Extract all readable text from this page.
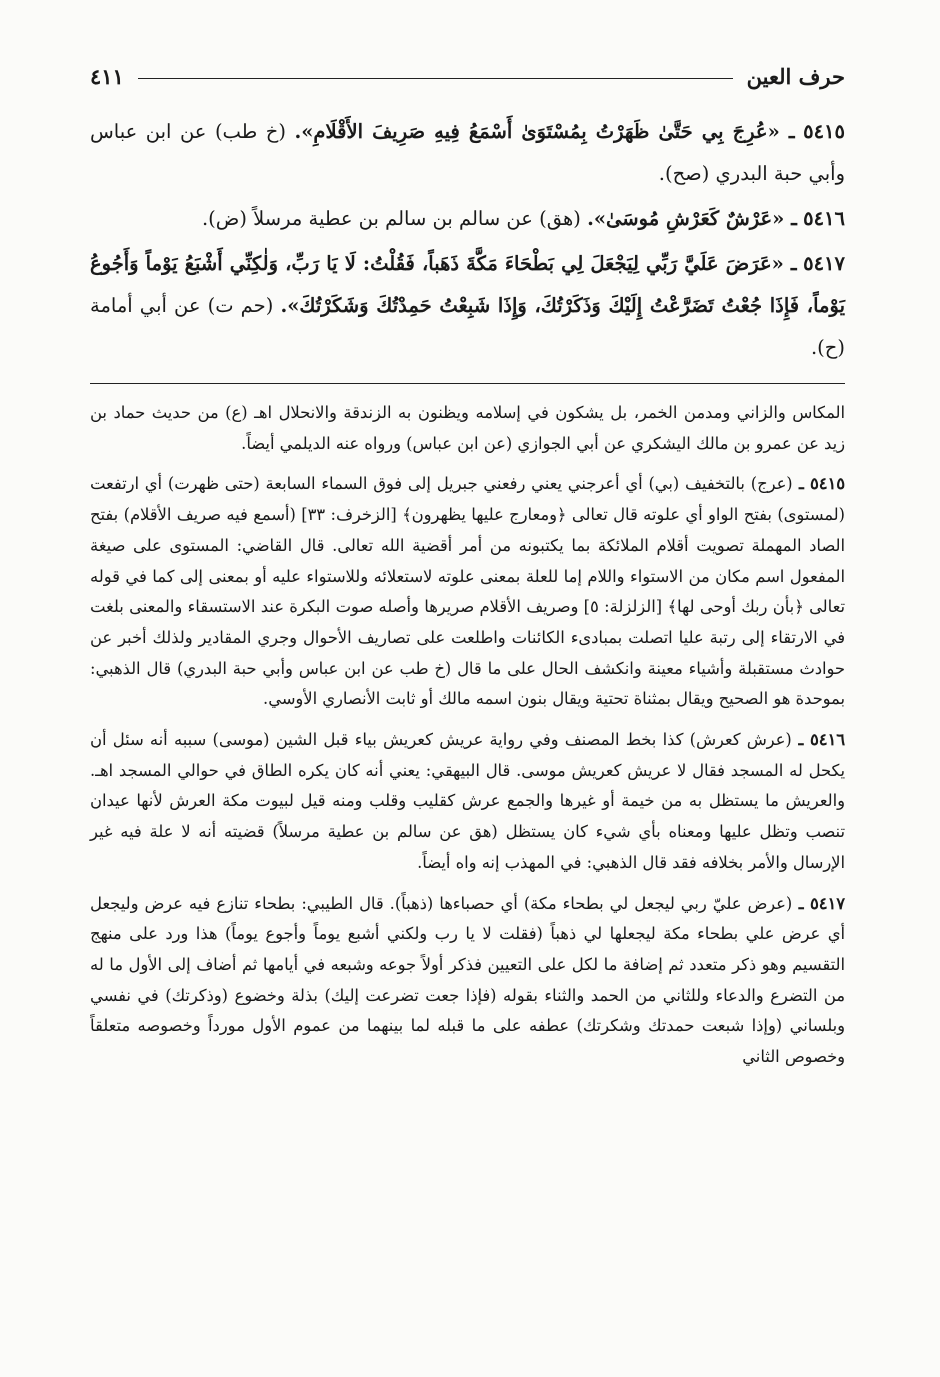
حرف العين
٤١١

٥٤١٥ ـ «عُرِجَ بِي حَتَّىٰ ظَهَرْتُ بِمُسْتَوَىٰ أَسْمَعُ فِيهِ صَرِيفَ الأَقْلَامِ». (خ طب) عن ابن عباس وأبي حبة البدري (صح).

٥٤١٦ ـ «عَرْشٌ كَعَرْشِ مُوسَىٰ». (هق) عن سالم بن سالم بن عطية مرسلاً (ض).

٥٤١٧ ـ «عَرَضَ عَلَيَّ رَبِّي لِيَجْعَلَ لِي بَطْحَاءَ مَكَّةَ ذَهَباً، فَقُلْتُ: لَا يَا رَبِّ، وَلٰكِنِّي أَشْبَعُ يَوْماً وَأَجُوعُ يَوْماً، فَإِذَا جُعْتُ تَضَرَّعْتُ إِلَيْكَ وَذَكَرْتُكَ، وَإِذَا شَبِعْتُ حَمِدْتُكَ وَشَكَرْتُكَ». (حم ت) عن أبي أمامة (ح).

المكاس والزاني ومدمن الخمر، بل يشكون في إسلامه ويظنون به الزندقة والانحلال اهـ (ع) من حديث حماد بن زيد عن عمرو بن مالك اليشكري عن أبي الجوازي (عن ابن عباس) ورواه عنه الديلمي أيضاً.

٥٤١٥ ـ (عرج) بالتخفيف (بي) أي أعرجني يعني رفعني جبريل إلى فوق السماء السابعة (حتى ظهرت) أي ارتفعت (لمستوى) بفتح الواو أي علوته قال تعالى ﴿ومعارج عليها يظهرون﴾ [الزخرف: ٣٣] (أسمع فيه صريف الأقلام) بفتح الصاد المهملة تصويت أقلام الملائكة بما يكتبونه من أمر أقضية الله تعالى. قال القاضي: المستوى على صيغة المفعول اسم مكان من الاستواء واللام إما للعلة بمعنى علوته لاستعلائه وللاستواء عليه أو بمعنى إلى كما في قوله تعالى ﴿بأن ربك أوحى لها﴾ [الزلزلة: ٥] وصريف الأقلام صريرها وأصله صوت البكرة عند الاستسقاء والمعنى بلغت في الارتقاء إلى رتبة عليا اتصلت بمبادىء الكائنات واطلعت على تصاريف الأحوال وجري المقادير ولذلك أخبر عن حوادث مستقبلة وأشياء معينة وانكشف الحال على ما قال (خ طب عن ابن عباس وأبي حبة البدري) قال الذهبي: بموحدة هو الصحيح ويقال بمثناة تحتية ويقال بنون اسمه مالك أو ثابت الأنصاري الأوسي.

٥٤١٦ ـ (عرش كعرش) كذا بخط المصنف وفي رواية عريش كعريش بياء قبل الشين (موسى) سببه أنه سئل أن يكحل له المسجد فقال لا عريش كعريش موسى. قال البيهقي: يعني أنه كان يكره الطاق في حوالي المسجد اهـ. والعريش ما يستظل به من خيمة أو غيرها والجمع عرش كقليب وقلب ومنه قيل لبيوت مكة العرش لأنها عيدان تنصب وتظل عليها ومعناه بأي شيء كان يستظل (هق عن سالم بن عطية مرسلاً) قضيته أنه لا علة فيه غير الإرسال والأمر بخلافه فقد قال الذهبي: في المهذب إنه واه أيضاً.

٥٤١٧ ـ (عرض عليّ ربي ليجعل لي بطحاء مكة) أي حصباءها (ذهباً). قال الطيبي: بطحاء تنازع فيه عرض وليجعل أي عرض علي بطحاء مكة ليجعلها لي ذهباً (فقلت لا يا رب ولكني أشبع يوماً وأجوع يوماً) هذا ورد على منهج التقسيم وهو ذكر متعدد ثم إضافة ما لكل على التعيين فذكر أولاً جوعه وشبعه في أيامها ثم أضاف إلى الأول ما له من التضرع والدعاء وللثاني من الحمد والثناء بقوله (فإذا جعت تضرعت إليك) بذلة وخضوع (وذكرتك) في نفسي وبلساني (وإذا شبعت حمدتك وشكرتك) عطفه على ما قبله لما بينهما من عموم الأول مورداً وخصوصه متعلقاً وخصوص الثاني
